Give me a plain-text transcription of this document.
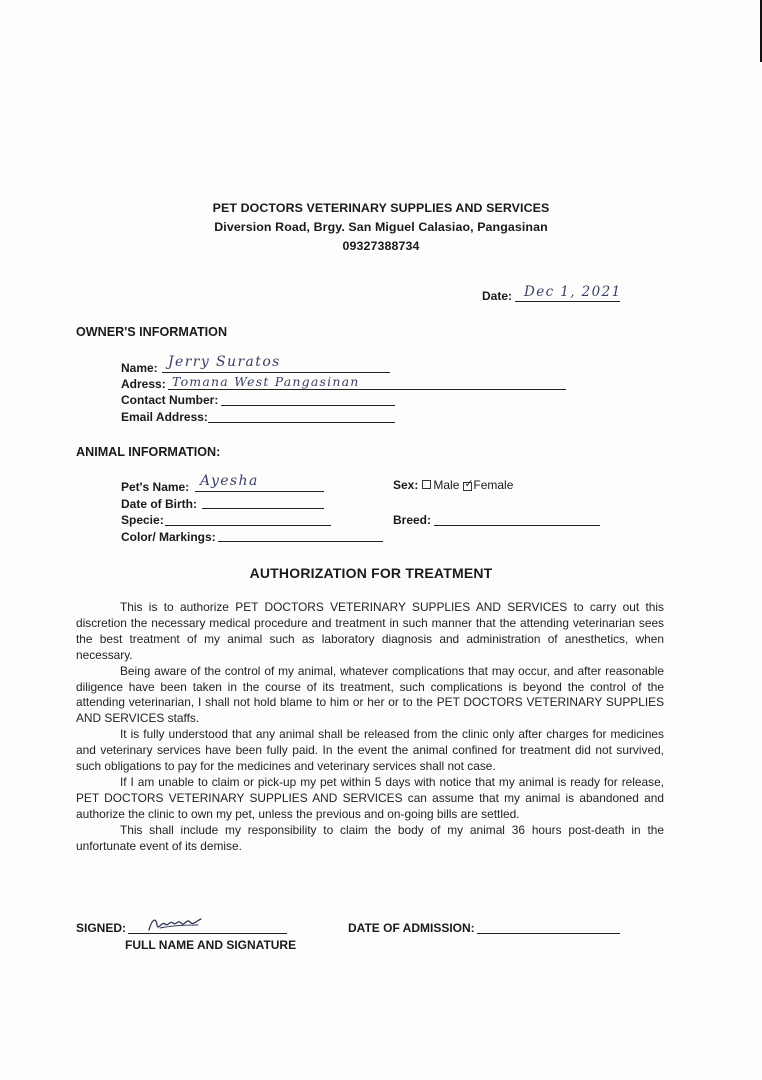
PET DOCTORS VETERINARY SUPPLIES AND SERVICES
Diversion Road, Brgy. San Miguel Calasiao, Pangasinan
09327388734
Date: Dec 1, 2021
OWNER'S INFORMATION
Name: Jerry Suratos
Adress: Tomana West Pangasinan
Contact Number:
Email Address:
ANIMAL INFORMATION:
Pet's Name: Ayesha
Date of Birth:
Specie:
Color/ Markings:
Sex: Male✓ Female
Breed:
AUTHORIZATION FOR TREATMENT

This is to authorize PET DOCTORS VETERINARY SUPPLIES AND SERVICES to carry out this discretion the necessary medical procedure and treatment in such manner that the attending veterinarian sees the best treatment of my animal such as laboratory diagnosis and administration of anesthetics, when necessary.

Being aware of the control of my animal, whatever complications that may occur, and after reasonable diligence have been taken in the course of its treatment, such complications is beyond the control of the attending veterinarian, I shall not hold blame to him or her or to the PET DOCTORS VETERINARY SUPPLIES AND SERVICES staffs.

It is fully understood that any animal shall be released from the clinic only after charges for medicines and veterinary services have been fully paid. In the event the animal confined for treatment did not survived, such obligations to pay for the medicines and veterinary services shall not case.

If I am unable to claim or pick-up my pet within 5 days with notice that my animal is ready for release, PET DOCTORS VETERINARY SUPPLIES AND SERVICES can assume that my animal is abandoned and authorize the clinic to own my pet, unless the previous and on-going bills are settled.

This shall include my responsibility to claim the body of my animal 36 hours post-death in the unfortunate event of its demise.

SIGNED:
FULL NAME AND SIGNATURE
DATE OF ADMISSION:
